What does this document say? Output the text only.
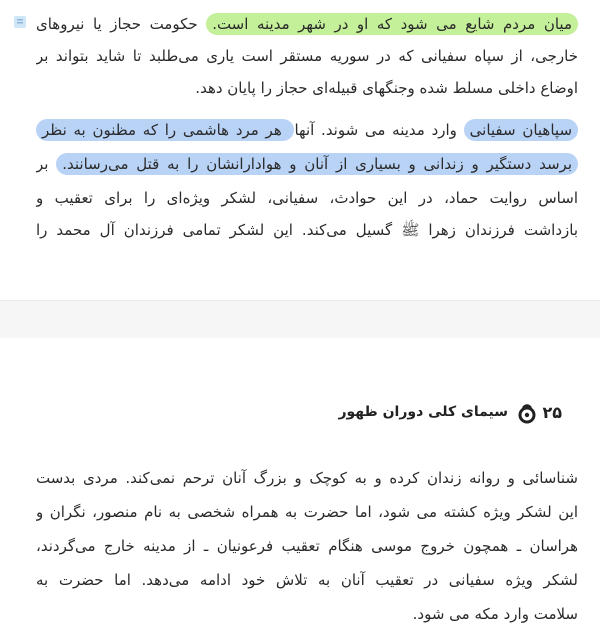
میان مردم شایع می شود که او در شهر مدینه است. حکومت حجاز یا نیروهای
خارجی، از سپاه سفیانی که در سوریه مستقر است یاری می‌طلبد تا شاید بتواند بر
اوضاع داخلی مسلط شده وجنگهای قبیله‌ای حجاز را پایان دهد.
سپاهیان سفیانی وارد مدینه می‌ شوند. آنها هر مرد هاشمی را که مظنون به نظر
برسد دستگیر و زندانی و بسیاری از آنان و هوادارانشان را به قتل می‌رسانند. بر
اساس روایت حماد، در این حوادث، سفیانی، لشکر ویژه‌ای را برای تعقیب و
بازداشت فرزندان زهرا ﷺ گسیل می‌کند. این لشکر تمامی فرزندان آل محمد را
سیمای کلی دوران ظهور ۲۵
شناسائی و روانه زندان کرده و به کوچک و بزرگ آنان ترحم نمی‌کند. مردی بدست
این لشکر ویژه کشته می‌ شود، اما حضرت به همراه شخصی به نام منصور، نگران و
هراسان ـ همچون خروج موسی هنگام تعقیب فرعونیان ـ از مدینه خارج می‌گردند،
لشکر ویژه سفیانی در تعقیب آنان به تلاش خود ادامه می‌دهد. اما حضرت به
سلامت وارد مکه می‌ شود.
